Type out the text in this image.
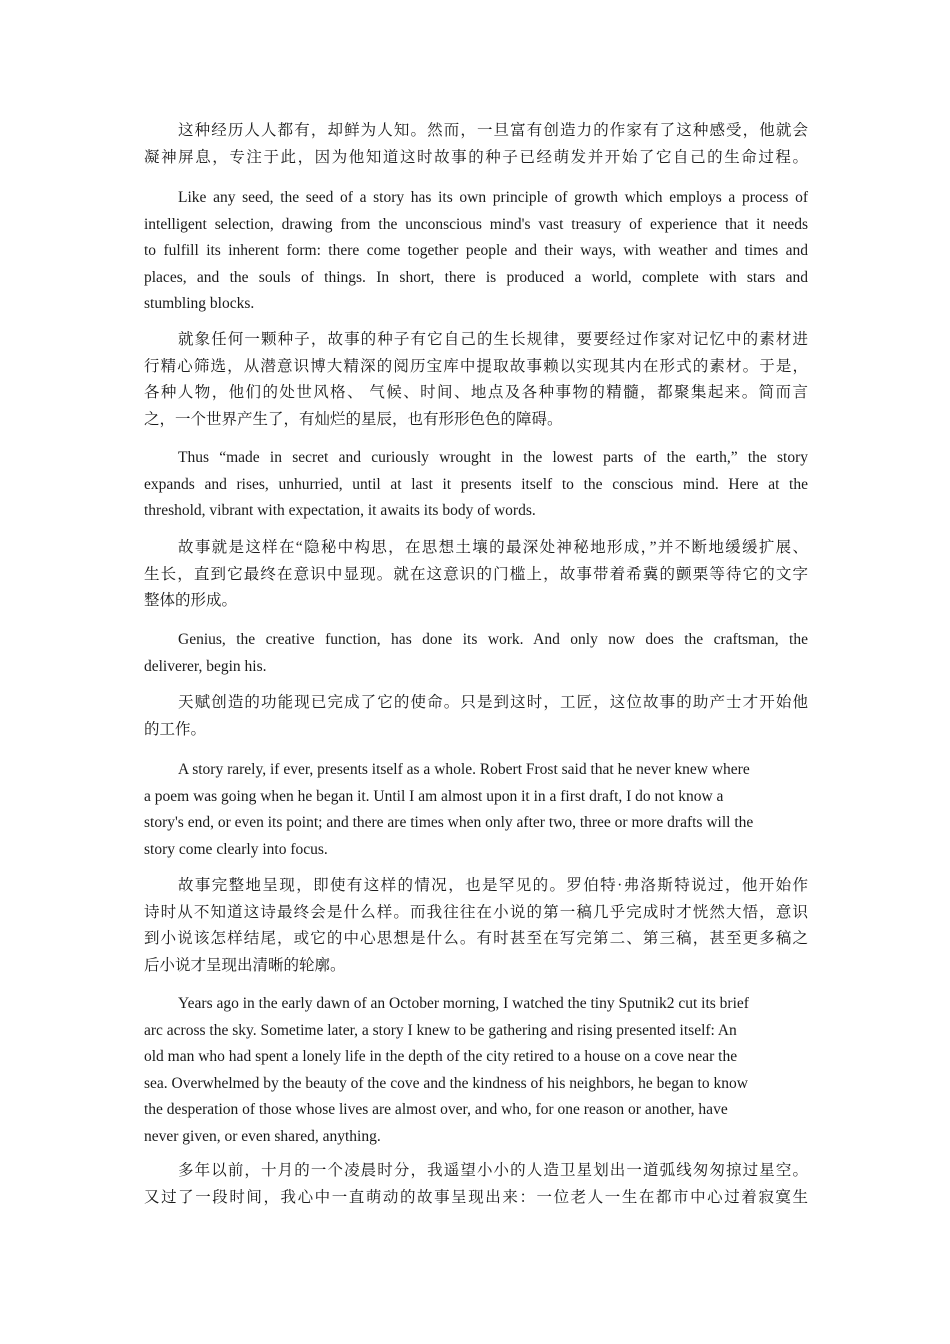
这种经历人人都有，却鲜为人知。然而，一旦富有创造力的作家有了这种感受，他就会
凝神屏息，专注于此，因为他知道这时故事的种子已经萌发并开始了它自己的生命过程。

Like any seed, the seed of a story has its own principle of growth which employs a process of
intelligent selection, drawing from the unconscious mind's vast treasury of experience that it needs
to fulfill its inherent form: there come together people and their ways, with weather and times and
places, and the souls of things. In short, there is produced a world, complete with stars and
stumbling blocks.

就象任何一颗种子，故事的种子有它自己的生长规律，要要经过作家对记忆中的素材进
行精心筛选，从潜意识博大精深的阅历宝库中提取故事赖以实现其内在形式的素材。于是，
各种人物，他们的处世风格、 气候、时间、地点及各种事物的精髓，都聚集起来。简而言
之，一个世界产生了，有灿烂的星辰，也有形形色色的障碍。

Thus “made in secret and curiously wrought in the lowest parts of the earth,” the story
expands and rises, unhurried, until at last it presents itself to the conscious mind. Here at the
threshold, vibrant with expectation, it awaits its body of words.

故事就是这样在“隐秘中构思，在思想土壤的最深处神秘地形成，”并不断地缓缓扩展、
生长，直到它最终在意识中显现。就在这意识的门槛上，故事带着希冀的颤栗等待它的文字
整体的形成。

Genius, the creative function, has done its work. And only now does the craftsman, the
deliverer, begin his.

天赋创造的功能现已完成了它的使命。只是到这时，工匠，这位故事的助产士才开始他
的工作。

A story rarely, if ever, presents itself as a whole. Robert Frost said that he never knew where
a poem was going when he began it. Until I am almost upon it in a first draft, I do not know a
story's end, or even its point; and there are times when only after two, three or more drafts will the
story come clearly into focus.

故事完整地呈现，即使有这样的情况，也是罕见的。罗伯特·弗洛斯特说过，他开始作
诗时从不知道这诗最终会是什么样。而我往往在小说的第一稿几乎完成时才恍然大悟，意识
到小说该怎样结尾，或它的中心思想是什么。有时甚至在写完第二、第三稿，甚至更多稿之
后小说才呈现出清晰的轮廓。

Years ago in the early dawn of an October morning, I watched the tiny Sputnik2 cut its brief
arc across the sky. Sometime later, a story I knew to be gathering and rising presented itself: An
old man who had spent a lonely life in the depth of the city retired to a house on a cove near the
sea. Overwhelmed by the beauty of the cove and the kindness of his neighbors, he began to know
the desperation of those whose lives are almost over, and who, for one reason or another, have
never given, or even shared, anything.

多年以前，十月的一个凌晨时分，我遥望小小的人造卫星划出一道弧线匆匆掠过星空。
又过了一段时间，我心中一直萌动的故事呈现出来：一位老人一生在都市中心过着寂寞生
